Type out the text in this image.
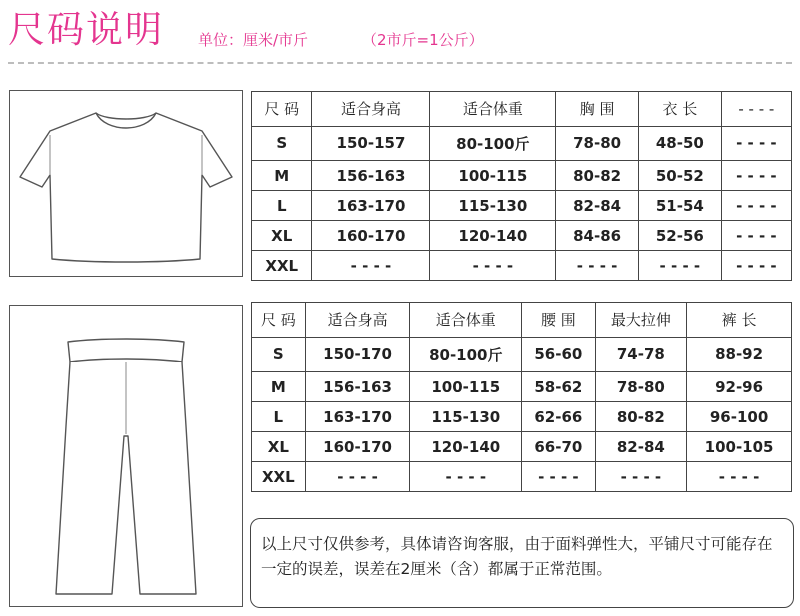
尺码说明 单位：厘米/市斤	（2市斤=1公斤）
尺 码	适合身高	适合体重	胸 围	衣 长	- - - -
S	150-157	80-100斤	78-80	48-50	- - - -
M	156-163	100-115	80-82	50-52	- - - -
L	163-170	115-130	82-84	51-54	- - - -
XL	160-170	120-140	84-86	52-56	- - - -
XXL	- - - -	- - - -	- - - -	- - - -	- - - -
尺 码	适合身高	适合体重	腰 围	最大拉伸	裤 长
S	150-170	80-100斤	56-60	74-78	88-92
M	156-163	100-115	58-62	78-80	92-96
L	163-170	115-130	62-66	80-82	96-100
XL	160-170	120-140	66-70	82-84	100-105
XXL	- - - -	- - - -	- - - -	- - - -	- - - -

以上尺寸仅供参考，具体请咨询客服，由于面料弹性大，平铺尺寸可能存在一定的误差，误差在2厘米（含）都属于正常范围。
